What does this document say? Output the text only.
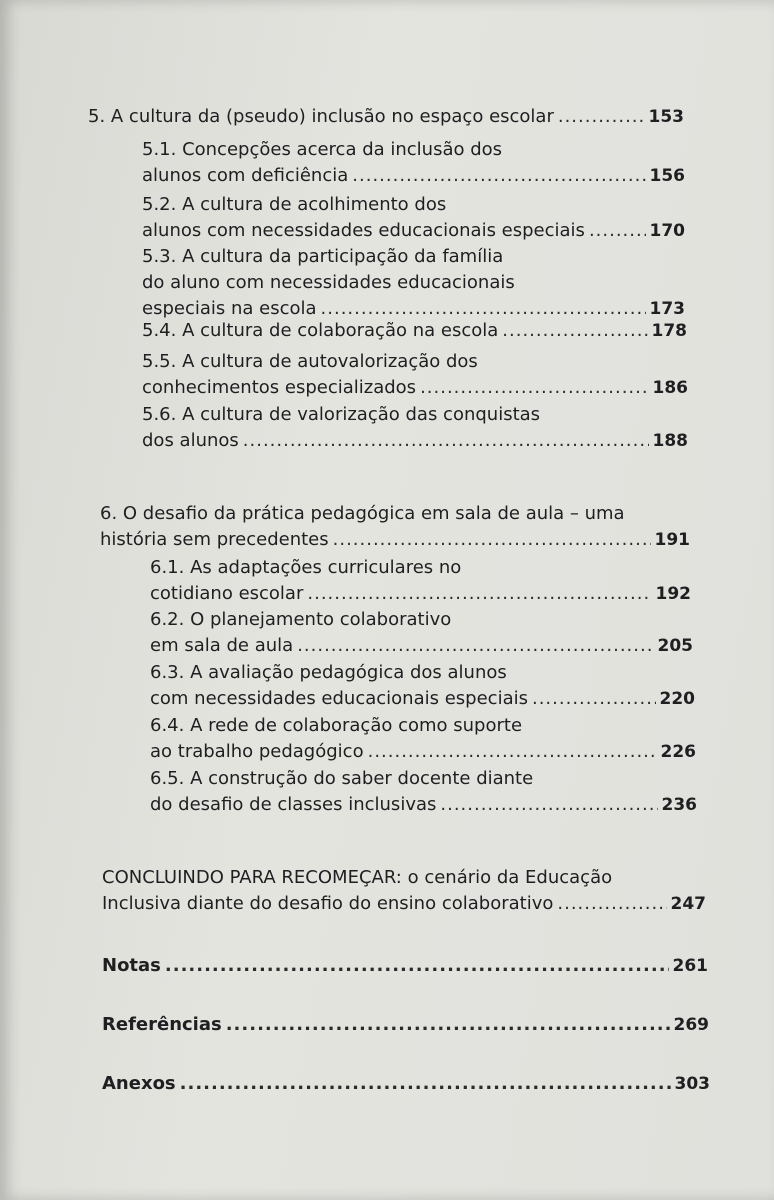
5. A cultura da (pseudo) inclusão no espaço escolar .....	153
5.1. Concepções acerca da inclusão dos
alunos com deficiência .....	156
5.2. A cultura de acolhimento dos
alunos com necessidades educacionais especiais .....	170
5.3. A cultura da participação da família
do aluno com necessidades educacionais
especiais na escola .....	173
5.4. A cultura de colaboração na escola .....	178
5.5. A cultura de autovalorização dos
conhecimentos especializados .....	186
5.6. A cultura de valorização das conquistas
dos alunos .....	188
6. O desafio da prática pedagógica em sala de aula – uma
história sem precedentes .....	191
6.1. As adaptações curriculares no
cotidiano escolar .....	192
6.2. O planejamento colaborativo
em sala de aula .....	205
6.3. A avaliação pedagógica dos alunos
com necessidades educacionais especiais .....	220
6.4. A rede de colaboração como suporte
ao trabalho pedagógico .....	226
6.5. A construção do saber docente diante
do desafio de classes inclusivas .....	236
CONCLUINDO PARA RECOMEÇAR: o cenário da Educação
Inclusiva diante do desafio do ensino colaborativo .....	247
Notas .....	261
Referências .....	269
Anexos .....	303
